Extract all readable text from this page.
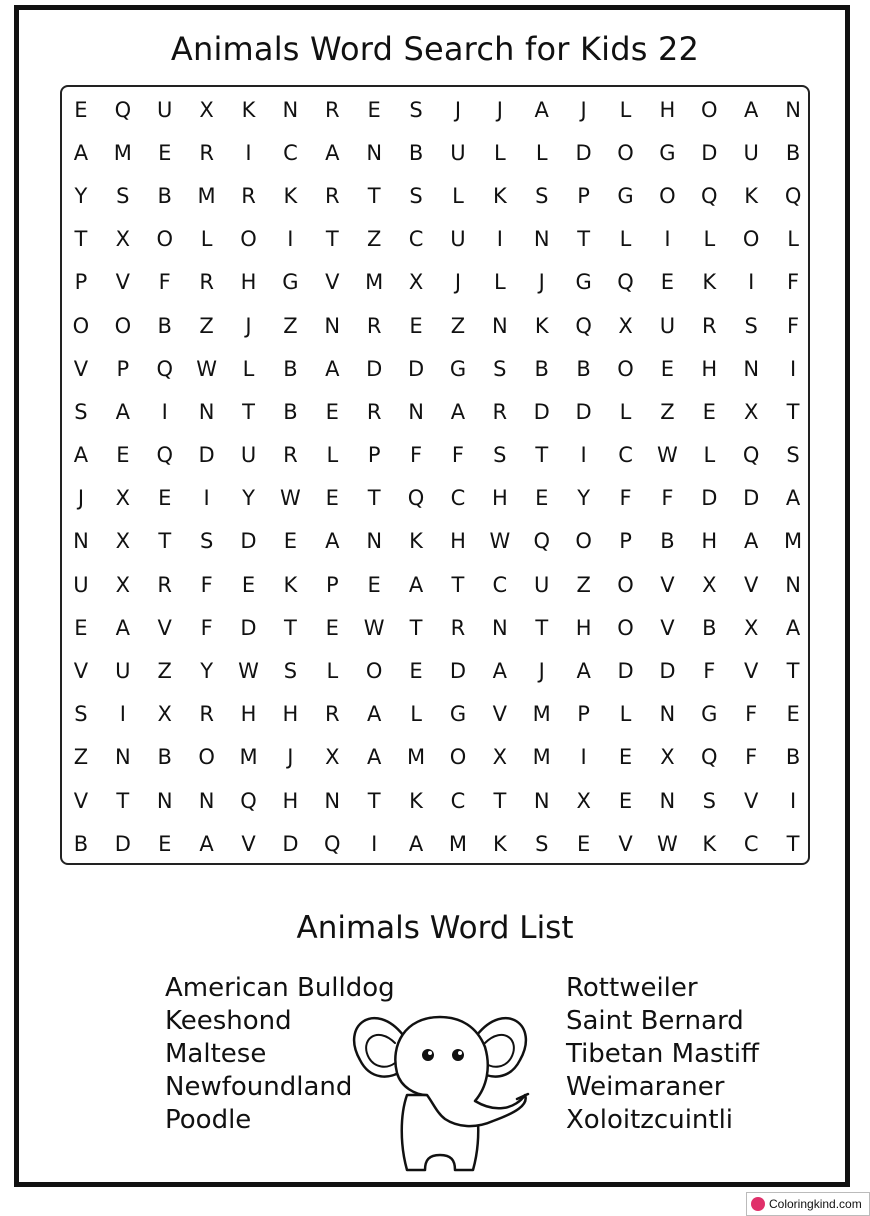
Animals Word Search for Kids 22
E	Q	U	X	K	N	R	E	S	J	J	A	J	L	H	O	A	N
A	M	E	R	I	C	A	N	B	U	L	L	D	O	G	D	U	B
Y	S	B	M	R	K	R	T	S	L	K	S	P	G	O	Q	K	Q
T	X	O	L	O	I	T	Z	C	U	I	N	T	L	I	L	O	L
P	V	F	R	H	G	V	M	X	J	L	J	G	Q	E	K	I	F
O	O	B	Z	J	Z	N	R	E	Z	N	K	Q	X	U	R	S	F
V	P	Q	W	L	B	A	D	D	G	S	B	B	O	E	H	N	I
S	A	I	N	T	B	E	R	N	A	R	D	D	L	Z	E	X	T
A	E	Q	D	U	R	L	P	F	F	S	T	I	C	W	L	Q	S
J	X	E	I	Y	W	E	T	Q	C	H	E	Y	F	F	D	D	A
N	X	T	S	D	E	A	N	K	H	W	Q	O	P	B	H	A	M
U	X	R	F	E	K	P	E	A	T	C	U	Z	O	V	X	V	N
E	A	V	F	D	T	E	W	T	R	N	T	H	O	V	B	X	A
V	U	Z	Y	W	S	L	O	E	D	A	J	A	D	D	F	V	T
S	I	X	R	H	H	R	A	L	G	V	M	P	L	N	G	F	E
Z	N	B	O	M	J	X	A	M	O	X	M	I	E	X	Q	F	B
V	T	N	N	Q	H	N	T	K	C	T	N	X	E	N	S	V	I
B	D	E	A	V	D	Q	I	A	M	K	S	E	V	W	K	C	T
Animals Word List
American Bulldog
Keeshond
Maltese
Newfoundland
Poodle
Rottweiler
Saint Bernard
Tibetan Mastiff
Weimaraner
Xoloitzcuintli
Coloringkind.com
